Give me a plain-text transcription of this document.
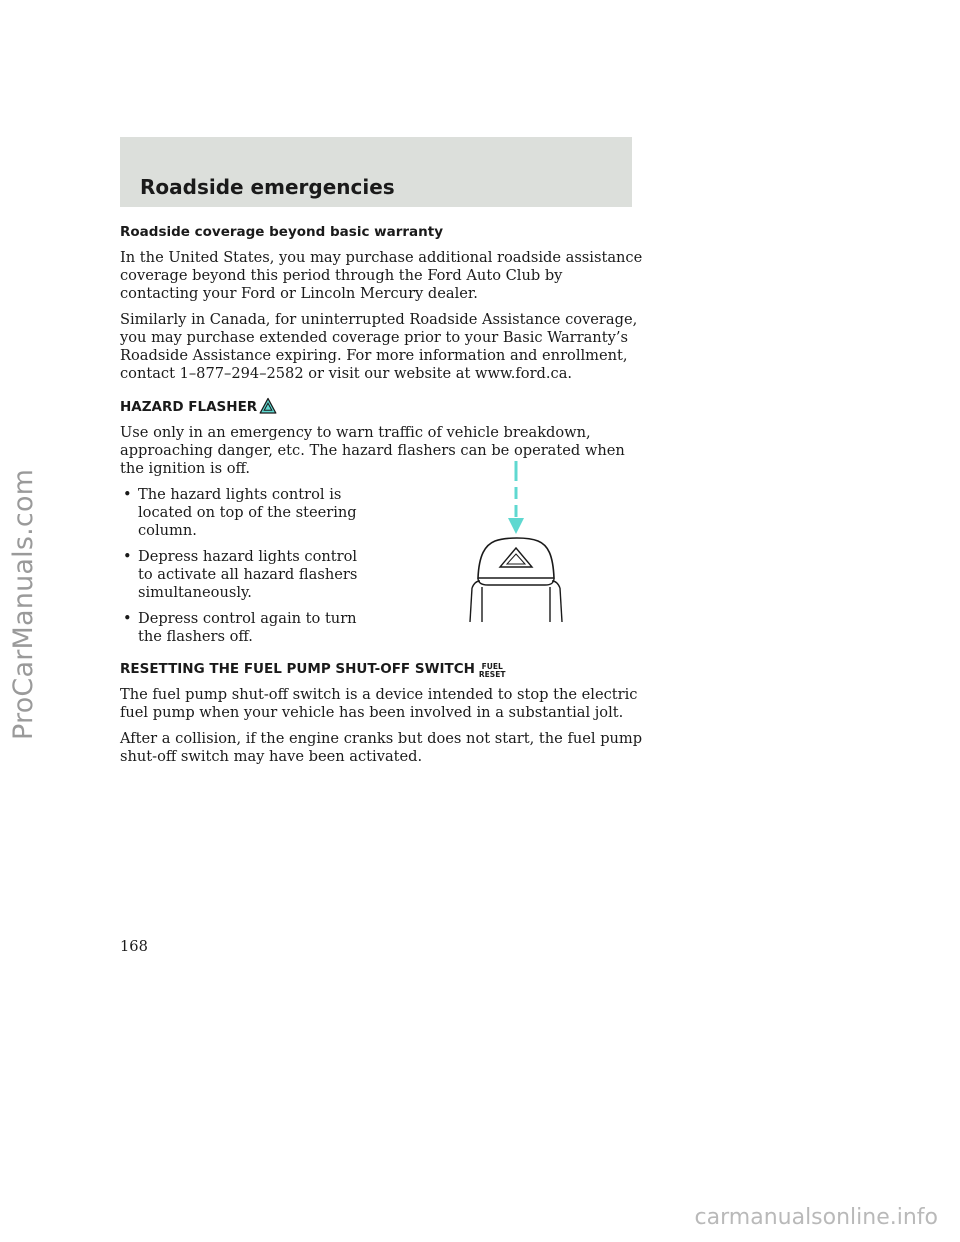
Roadside emergencies

Roadside coverage beyond basic warranty

In the United States, you may purchase additional roadside assistance coverage beyond this period through the Ford Auto Club by contacting your Ford or Lincoln Mercury dealer.

Similarly in Canada, for uninterrupted Roadside Assistance coverage, you may purchase extended coverage prior to your Basic Warranty’s Roadside Assistance expiring. For more information and enrollment, contact 1–877–294–2582 or visit our website at www.ford.ca.

HAZARD FLASHER

Use only in an emergency to warn traffic of vehicle breakdown, approaching danger, etc. The hazard flashers can be operated when the ignition is off.

• The hazard lights control is located on top of the steering column.
• Depress hazard lights control to activate all hazard flashers simultaneously.
• Depress control again to turn the flashers off.
RESETTING THE FUEL PUMP SHUT-OFF SWITCH FUEL
RESET

The fuel pump shut-off switch is a device intended to stop the electric fuel pump when your vehicle has been involved in a substantial jolt.

After a collision, if the engine cranks but does not start, the fuel pump shut-off switch may have been activated.

168

ProCarManuals.com
carmanualsonline.info
